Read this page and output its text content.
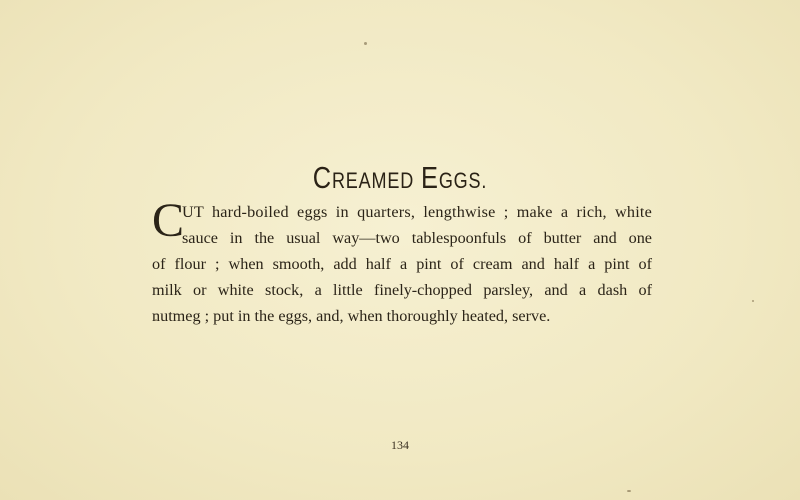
CREAMED EGGS.
C
UT hard-boiled eggs in quarters, lengthwise ; make a rich, white
sauce in the usual way—two tablespoonfuls of butter and one
of flour ; when smooth, add half a pint of cream and half a pint of
milk or white stock, a little finely-chopped parsley, and a dash of
nutmeg ; put in the eggs, and, when thoroughly heated, serve.
134
